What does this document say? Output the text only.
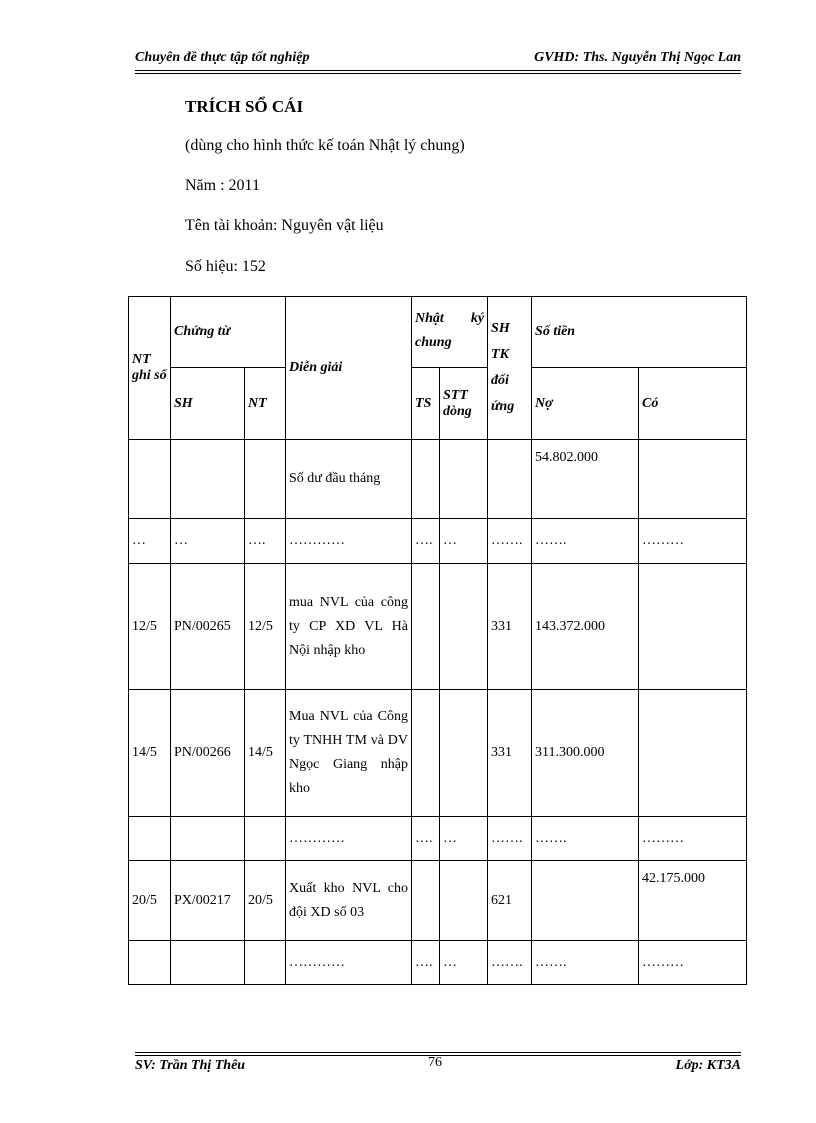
Chuyên đề thực tập tốt nghiệp	GVHD: Ths. Nguyễn Thị Ngọc Lan
TRÍCH SỔ CÁI
(dùng cho hình thức kế toán Nhật lý chung)
Năm : 2011
Tên tài khoản: Nguyên vật liệu
Số hiệu: 152
NT ghi sổ	Chứng từ		Diễn giải	Nhật ký chung		SH TK đối ứng	Số tiền	
	SH	NT		TS	STT dòng		Nợ	Có
			Số dư đầu tháng				54.802.000	
…	…	….	…………	….	…	…….	…….	………
12/5	PN/00265	12/5	mua NVL của công ty CP XD VL Hà Nội nhập kho			331	143.372.000	
14/5	PN/00266	14/5	Mua NVL của Công ty TNHH TM và DV Ngọc Giang nhập kho			331	311.300.000	
			…………	….	…	…….	…….	………
20/5	PX/00217	20/5	Xuất kho NVL cho đội XD số 03			621		42.175.000
			…………	….	…	…….	…….	………
SV: Trần Thị Thêu	76	Lớp: KT3A
